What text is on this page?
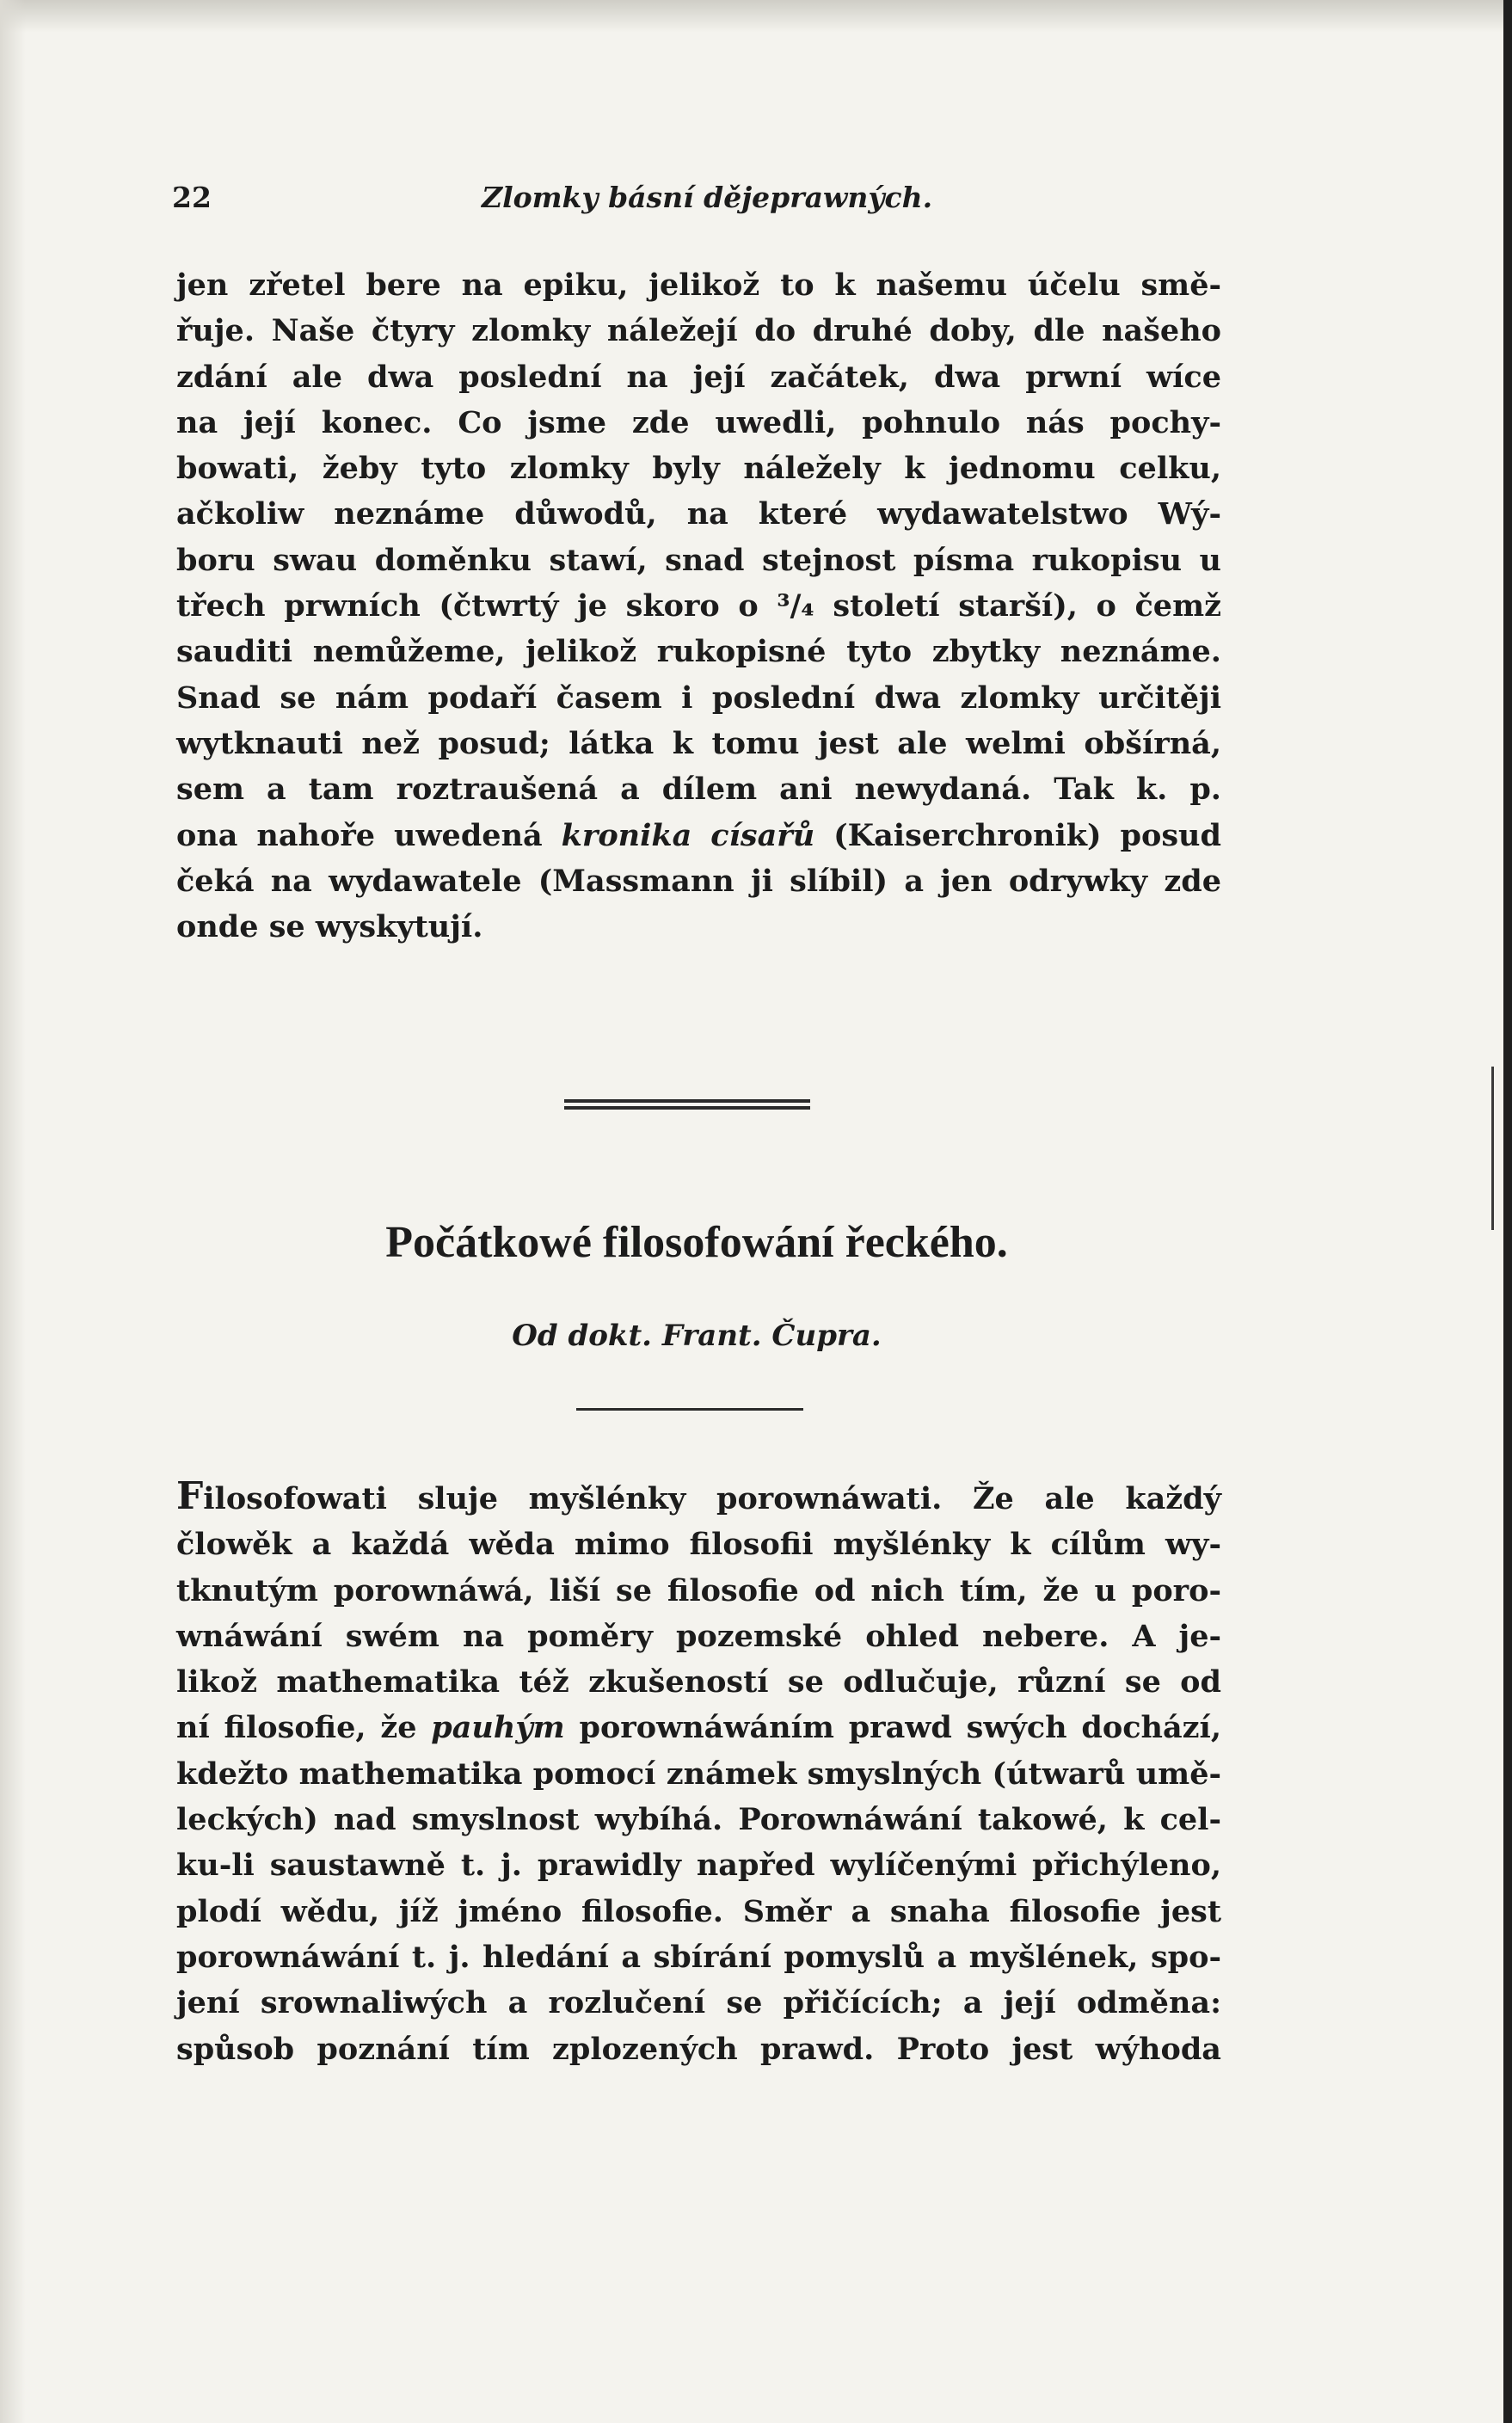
22	Zlomky básní dějeprawných.
jen zřetel bere na epiku, jelikož to k našemu účelu smě-
řuje. Naše čtyry zlomky náležejí do druhé doby, dle našeho
zdání ale dwa poslední na její začátek, dwa prwní wíce
na její konec. Co jsme zde uwedli, pohnulo nás pochy-
bowati, žeby tyto zlomky byly náležely k jednomu celku,
ačkoliw neznáme důwodů, na které wydawatelstwo Wý-
boru swau doměnku stawí, snad stejnost písma rukopisu u
třech prwních (čtwrtý je skoro o ³/₄ století starší), o čemž
sauditi nemůžeme, jelikož rukopisné tyto zbytky neznáme.
Snad se nám podaří časem i poslední dwa zlomky určitěji
wytknauti než posud; látka k tomu jest ale welmi obšírná,
sem a tam roztraušená a dílem ani newydaná. Tak k. p.
ona nahoře uwedená kronika císařů (Kaiserchronik) posud
čeká na wydawatele (Massmann ji slíbil) a jen odrywky zde
onde se wyskytují.
Počátkowé filosofowání řeckého.
Od dokt. Frant. Čupra.
Filosofowati sluje myšlénky porownáwati. Že ale každý
člowěk a každá wěda mimo filosofii myšlénky k cílům wy-
tknutým porownáwá, liší se filosofie od nich tím, že u poro-
wnáwání swém na poměry pozemské ohled nebere. A je-
likož mathematika též zkušeností se odlučuje, různí se od
ní filosofie, že pauhým porownáwáním prawd swých dochází,
kdežto mathematika pomocí známek smyslných (útwarů umě-
leckých) nad smyslnost wybíhá. Porownáwání takowé, k cel-
ku-li saustawně t. j. prawidly napřed wylíčenými přichýleno,
plodí wědu, jíž jméno filosofie. Směr a snaha filosofie jest
porownáwání t. j. hledání a sbírání pomyslů a myšlének, spo-
jení srownaliwých a rozlučení se přičících; a její odměna:
spůsob poznání tím zplozených prawd. Proto jest wýhoda
